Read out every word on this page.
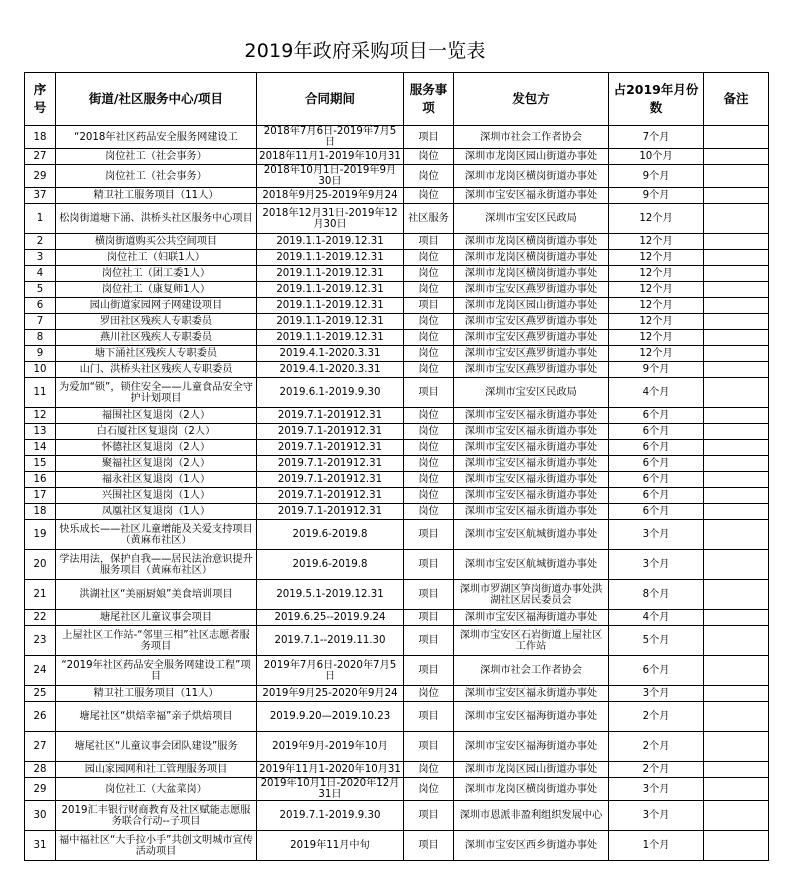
2019年政府采购项目一览表
序号	街道/社区服务中心/项目	合同期间	服务事项	发包方	占2019年月份数	备注
18	“2018年社区药品安全服务网建设工	2018年7月6日-2019年7月5日	项目	深圳市社会工作者协会	7个月	
27	岗位社工（社会事务）	2018年11月1-2019年10月31	岗位	深圳市龙岗区园山街道办事处	10个月	
29	岗位社工（社会事务）	2018年10月1日-2019年9月30日	岗位	深圳市龙岗区横岗街道办事处	9个月	
37	精卫社工服务项目（11人）	2018年9月25-2019年9月24	岗位	深圳市宝安区福永街道办事处	9个月	
1	松岗街道塘下涌、洪桥头社区服务中心项目	2018年12月31日-2019年12月30日	社区服务	深圳市宝安区民政局	12个月	
2	横岗街道购买公共空间项目	2019.1.1-2019.12.31	项目	深圳市龙岗区横岗街道办事处	12个月	
3	岗位社工（妇联1人）	2019.1.1-2019.12.31	岗位	深圳市龙岗区横岗街道办事处	12个月	
4	岗位社工（团工委1人）	2019.1.1-2019.12.31	岗位	深圳市龙岗区横岗街道办事处	12个月	
5	岗位社工（康复师1人）	2019.1.1-2019.12.31	岗位	深圳市宝安区燕罗街道办事处	12个月	
6	园山街道家园网子网建设项目	2019.1.1-2019.12.31	项目	深圳市龙岗区园山街道办事处	12个月	
7	罗田社区残疾人专职委员	2019.1.1-2019.12.31	岗位	深圳市宝安区燕罗街道办事处	12个月	
8	燕川社区残疾人专职委员	2019.1.1-2019.12.31	岗位	深圳市宝安区燕罗街道办事处	12个月	
9	塘下涌社区残疾人专职委员	2019.4.1-2020.3.31	岗位	深圳市宝安区燕罗街道办事处	12个月	
10	山门、洪桥头社区残疾人专职委员	2019.4.1-2020.3.31	岗位	深圳市宝安区燕罗街道办事处	9个月	
11	为爱加“锁”，锁住安全——儿童食品安全守护计划项目	2019.6.1-2019.9.30	项目	深圳市宝安区民政局	4个月	
12	福围社区复退岗（2人）	2019.7.1-201912.31	岗位	深圳市宝安区福永街道办事处	6个月	
13	白石厦社区复退岗（2人）	2019.7.1-201912.31	岗位	深圳市宝安区福永街道办事处	6个月	
14	怀德社区复退岗（2人）	2019.7.1-201912.31	岗位	深圳市宝安区福永街道办事处	6个月	
15	聚福社区复退岗（2人）	2019.7.1-201912.31	岗位	深圳市宝安区福永街道办事处	6个月	
16	福永社区复退岗（1人）	2019.7.1-201912.31	岗位	深圳市宝安区福永街道办事处	6个月	
17	兴围社区复退岗（1人）	2019.7.1-201912.31	岗位	深圳市宝安区福永街道办事处	6个月	
18	凤凰社区复退岗（1人）	2019.7.1-201912.31	岗位	深圳市宝安区福永街道办事处	6个月	
19	快乐成长——社区儿童增能及关爱支持项目（黄麻布社区）	2019.6-2019.8	项目	深圳市宝安区航城街道办事处	3个月	
20	学法用法，保护自我——居民法治意识提升服务项目（黄麻布社区）	2019.6-2019.8	项目	深圳市宝安区航城街道办事处	3个月	
21	洪湖社区“美丽厨娘”美食培训项目	2019.5.1-2019.12.31	项目	深圳市罗湖区笋岗街道办事处洪湖社区居民委员会	8个月	
22	塘尾社区儿童议事会项目	2019.6.25--2019.9.24	项目	深圳市宝安区福海街道办事处	4个月	
23	上屋社区工作站-“邻里三相”社区志愿者服务项目	2019.7.1--2019.11.30	项目	深圳市宝安区石岩街道上屋社区工作站	5个月	
24	“2019年社区药品安全服务网建设工程”项目	2019年7月6日-2020年7月5日	项目	深圳市社会工作者协会	6个月	
25	精卫社工服务项目（11人）	2019年9月25-2020年9月24	岗位	深圳市宝安区福永街道办事处	3个月	
26	塘尾社区“烘焙幸福”亲子烘焙项目	2019.9.20—2019.10.23	项目	深圳市宝安区福海街道办事处	2个月	
27	塘尾社区“儿童议事会团队建设”服务	2019年9月-2019年10月	项目	深圳市宝安区福海街道办事处	2个月	
28	园山家园网和社工管理服务项目	2019年11月1-2020年10月31	岗位	深圳市龙岗区园山街道办事处	2个月	
29	岗位社工（大盆菜岗）	2019年10月1日-2020年12月31日	岗位	深圳市龙岗区横岗街道办事处	3个月	
30	2019汇丰银行财商教育及社区赋能志愿服务联合行动--子项目	2019.7.1-2019.9.30	项目	深圳市恩派非盈利组织发展中心	3个月	
31	福中福社区“大手拉小手”共创文明城市宣传活动项目	2019年11月中旬	项目	深圳市宝安区西乡街道办事处	1个月	
